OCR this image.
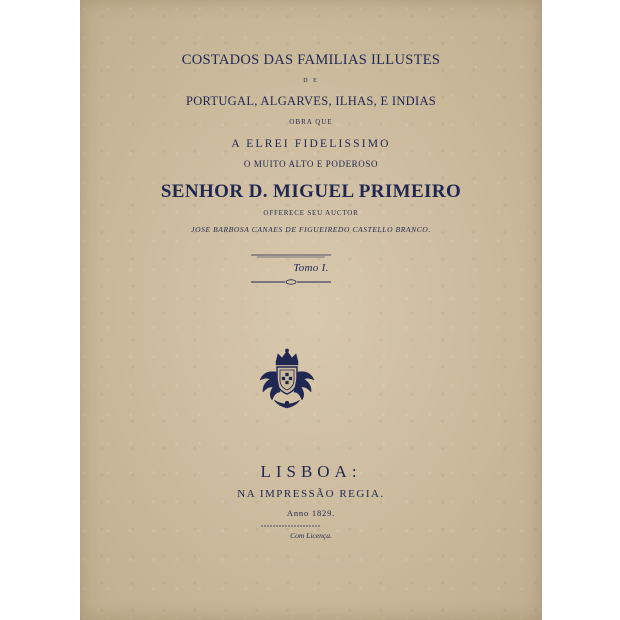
COSTADOS DAS FAMILIAS ILLUSTES
D E
PORTUGAL, ALGARVES, ILHAS, E INDIAS
OBRA QUE
A ELREI FIDELISSIMO
O MUITO ALTO E PODEROSO
SENHOR D. MIGUEL PRIMEIRO
OFFERECE SEU AUCTOR
JOSE BARBOSA CANAES DE FIGUEIREDO CASTELLO BRANCO.
Tomo I.
LISBOA:
NA IMPRESSÃO REGIA.
Anno 1829.
Com Licença.
